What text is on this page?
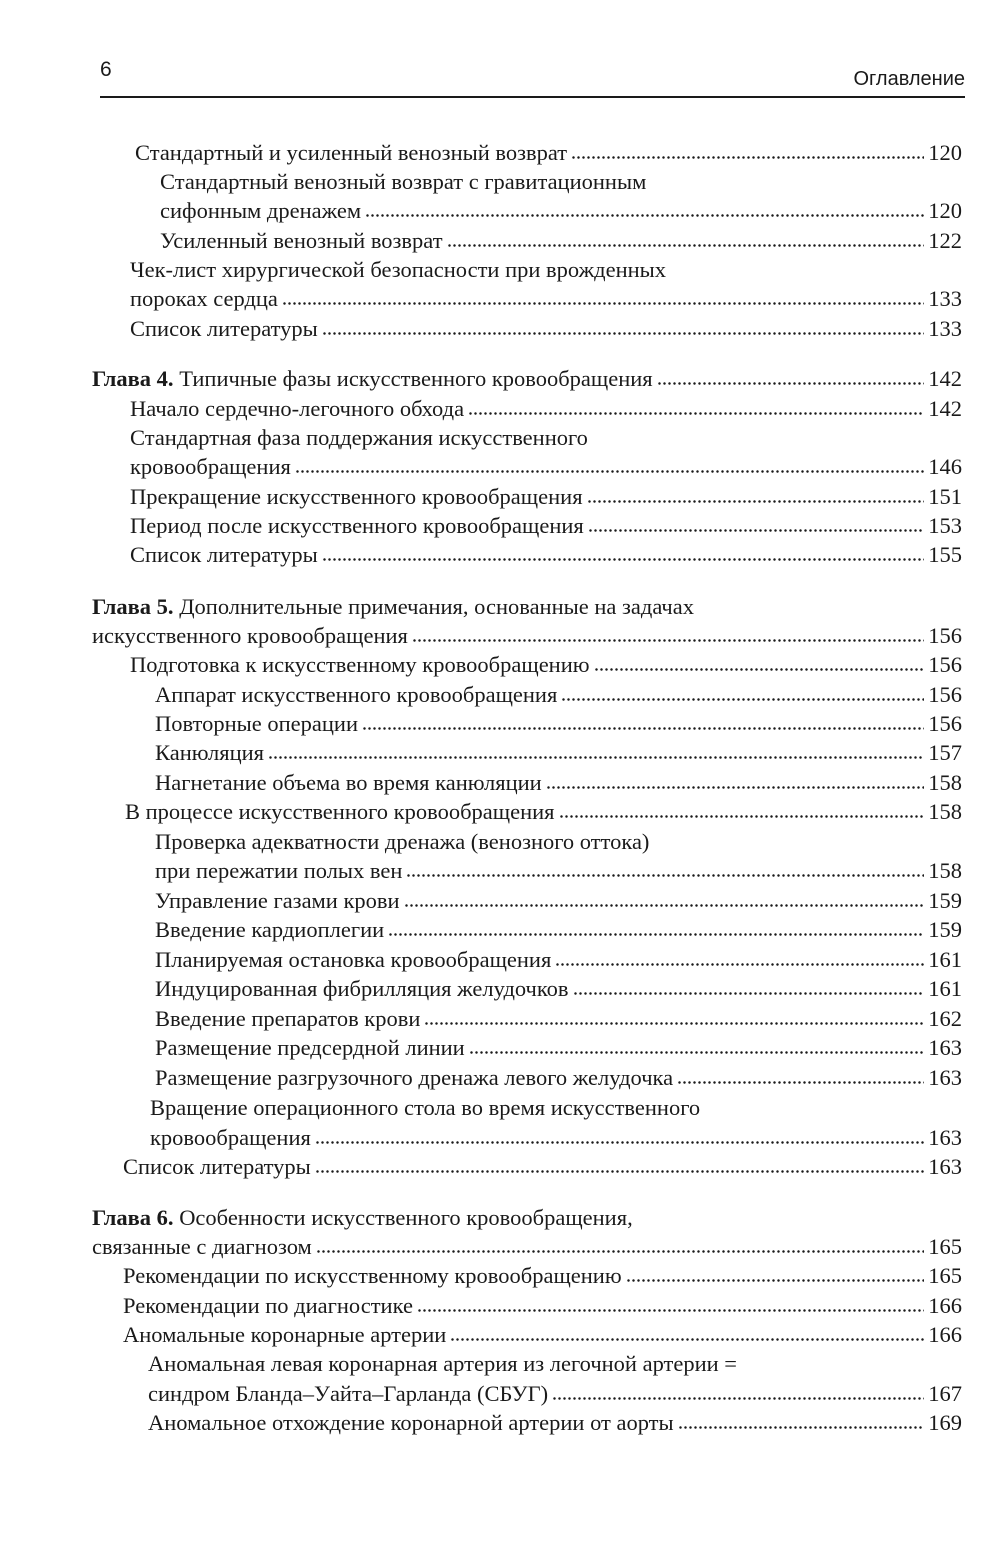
6	Оглавление
Стандартный и усиленный венозный возврат	120
Стандартный венозный возврат с гравитационным
сифонным дренажем	120
Усиленный венозный возврат	122
Чек-лист хирургической безопасности при врожденных
пороках сердца	133
Список литературы	133
Глава 4. Типичные фазы искусственного кровообращения	142
Начало сердечно-легочного обхода	142
Стандартная фаза поддержания искусственного
кровообращения	146
Прекращение искусственного кровообращения	151
Период после искусственного кровообращения	153
Список литературы	155
Глава 5. Дополнительные примечания, основанные на задачах
искусственного кровообращения	156
Подготовка к искусственному кровообращению	156
Аппарат искусственного кровообращения	156
Повторные операции	156
Канюляция	157
Нагнетание объема во время канюляции	158
В процессе искусственного кровообращения	158
Проверка адекватности дренажа (венозного оттока)
при пережатии полых вен	158
Управление газами крови	159
Введение кардиоплегии	159
Планируемая остановка кровообращения	161
Индуцированная фибрилляция желудочков	161
Введение препаратов крови	162
Размещение предсердной линии	163
Размещение разгрузочного дренажа левого желудочка	163
Вращение операционного стола во время искусственного
кровообращения	163
Список литературы	163
Глава 6. Особенности искусственного кровообращения,
связанные с диагнозом	165
Рекомендации по искусственному кровообращению	165
Рекомендации по диагностике	166
Аномальные коронарные артерии	166
Аномальная левая коронарная артерия из легочной артерии =
синдром Бланда–Уайта–Гарланда (СБУГ)	167
Аномальное отхождение коронарной артерии от аорты	169
